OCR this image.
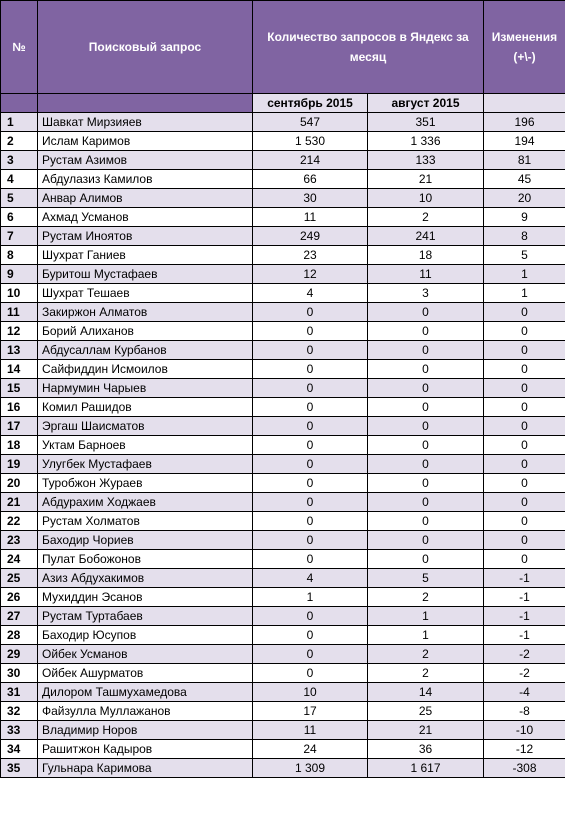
№	Поисковый запрос	Количество запросов в Яндекс за месяц		Изменения (+\-)
		сентябрь 2015	август 2015	
1	Шавкат Мирзияев	547	351	196
2	Ислам Каримов	1 530	1 336	194
3	Рустам Азимов	214	133	81
4	Абдулазиз Камилов	66	21	45
5	Анвар Алимов	30	10	20
6	Ахмад Усманов	11	2	9
7	Рустам Иноятов	249	241	8
8	Шухрат Ганиев	23	18	5
9	Буритош Мустафаев	12	11	1
10	Шухрат Тешаев	4	3	1
11	Закиржон Алматов	0	0	0
12	Борий Алиханов	0	0	0
13	Абдусаллам Курбанов	0	0	0
14	Сайфиддин Исмоилов	0	0	0
15	Нармумин Чарыев	0	0	0
16	Комил Рашидов	0	0	0
17	Эргаш Шаисматов	0	0	0
18	Уктам Барноев	0	0	0
19	Улугбек Мустафаев	0	0	0
20	Туробжон Жураев	0	0	0
21	Абдурахим Ходжаев	0	0	0
22	Рустам Холматов	0	0	0
23	Баходир Чориев	0	0	0
24	Пулат Бобожонов	0	0	0
25	Азиз Абдухакимов	4	5	-1
26	Мухиддин Эсанов	1	2	-1
27	Рустам Туртабаев	0	1	-1
28	Баходир Юсупов	0	1	-1
29	Ойбек Усманов	0	2	-2
30	Ойбек Ашурматов	0	2	-2
31	Дилором Ташмухамедова	10	14	-4
32	Файзулла Муллажанов	17	25	-8
33	Владимир Норов	11	21	-10
34	Рашитжон Кадыров	24	36	-12
35	Гульнара Каримова	1 309	1 617	-308
